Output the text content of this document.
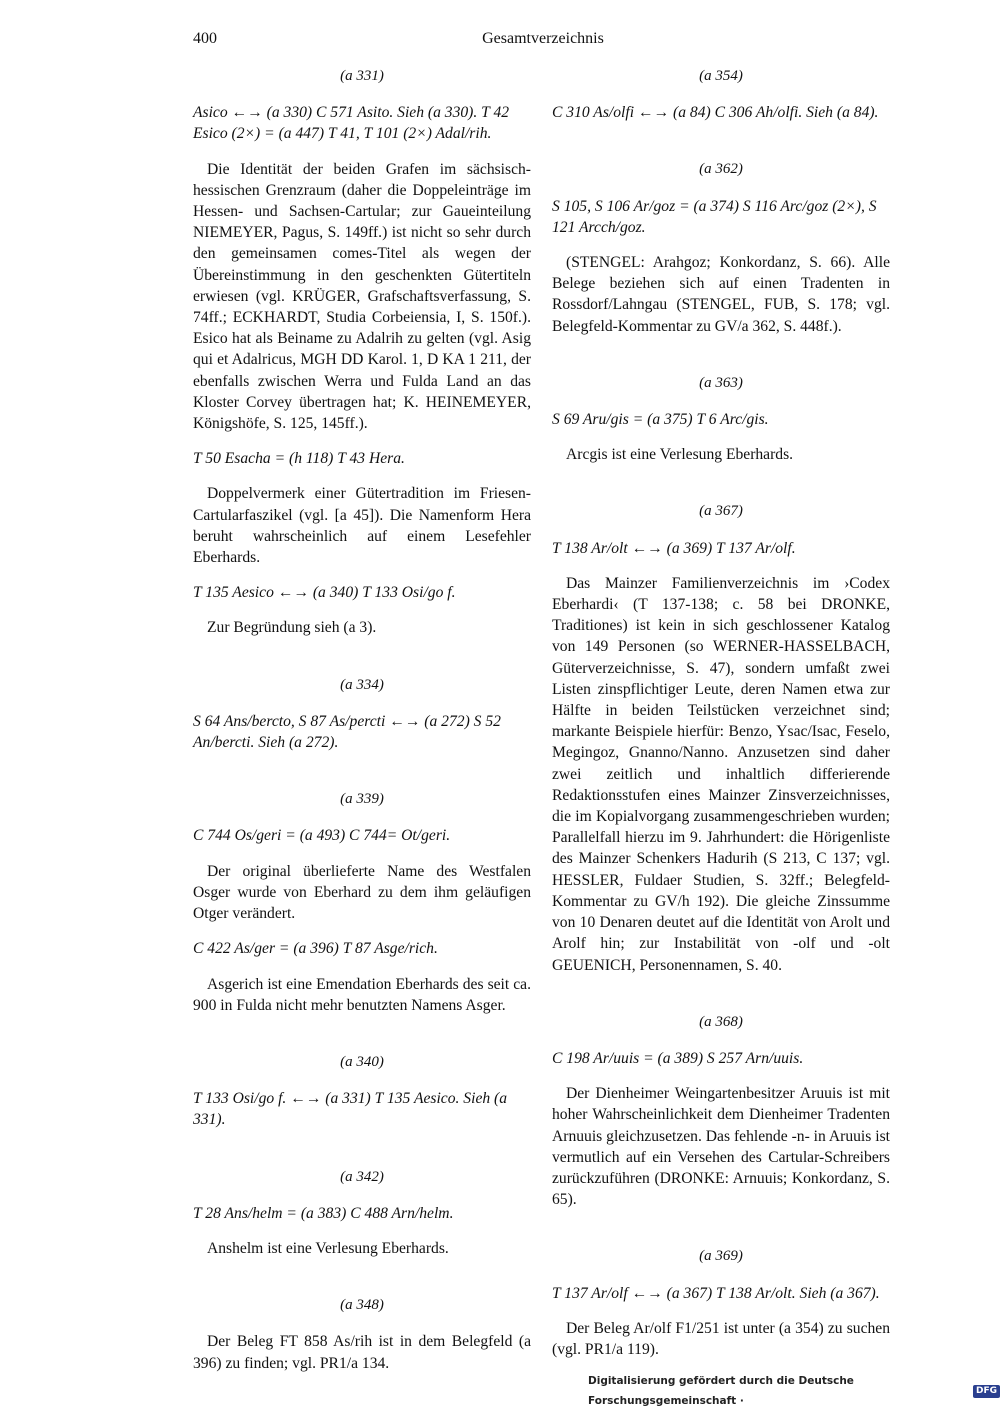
400	Gesamtverzeichnis
(a 331)
Asico ←→ (a 330) C 571 Asito. Sieh (a 330). T 42 Esico (2×) = (a 447) T 41, T 101 (2×) Adal/rih.
Die Identität der beiden Grafen im sächsisch-hessischen Grenzraum (daher die Doppeleinträge im Hessen- und Sachsen-Cartular; zur Gaueinteilung NIEMEYER, Pagus, S. 149ff.) ist nicht so sehr durch den gemeinsamen comes-Titel als wegen der Übereinstimmung in den geschenkten Gütertiteln erwiesen (vgl. KRÜGER, Grafschaftsverfassung, S. 74ff.; ECKHARDT, Studia Corbeiensia, I, S. 150f.). Esico hat als Beiname zu Adalrih zu gelten (vgl. Asig qui et Adalricus, MGH DD Karol. 1, D KA 1 211, der ebenfalls zwischen Werra und Fulda Land an das Kloster Corvey übertragen hat; K. HEINEMEYER, Königshöfe, S. 125, 145ff.).
T 50 Esacha = (h 118) T 43 Hera.
Doppelvermerk einer Gütertradition im Friesen-Cartularfaszikel (vgl. [a 45]). Die Namenform Hera beruht wahrscheinlich auf einem Lesefehler Eberhards.
T 135 Aesico ←→ (a 340) T 133 Osi/go f.
Zur Begründung sieh (a 3).
(a 334)
S 64 Ans/bercto, S 87 As/percti ←→ (a 272) S 52 An/bercti. Sieh (a 272).
(a 339)
C 744 Os/geri = (a 493) C 744= Ot/geri.
Der original überlieferte Name des Westfalen Osger wurde von Eberhard zu dem ihm geläufigen Otger verändert.
C 422 As/ger = (a 396) T 87 Asge/rich.
Asgerich ist eine Emendation Eberhards des seit ca. 900 in Fulda nicht mehr benutzten Namens Asger.
(a 340)
T 133 Osi/go f. ←→ (a 331) T 135 Aesico. Sieh (a 331).
(a 342)
T 28 Ans/helm = (a 383) C 488 Arn/helm.
Anshelm ist eine Verlesung Eberhards.
(a 348)
Der Beleg FT 858 As/rih ist in dem Belegfeld (a 396) zu finden; vgl. PR1/a 134.
(a 354)
C 310 As/olfi ←→ (a 84) C 306 Ah/olfi. Sieh (a 84).
(a 362)
S 105, S 106 Ar/goz = (a 374) S 116 Arc/goz (2×), S 121 Arcch/goz.
(STENGEL: Arahgoz; Konkordanz, S. 66). Alle Belege beziehen sich auf einen Tradenten in Rossdorf/Lahngau (STENGEL, FUB, S. 178; vgl. Belegfeld-Kommentar zu GV/a 362, S. 448f.).
(a 363)
S 69 Aru/gis = (a 375) T 6 Arc/gis.
Arcgis ist eine Verlesung Eberhards.
(a 367)
T 138 Ar/olt ←→ (a 369) T 137 Ar/olf.
Das Mainzer Familienverzeichnis im ›Codex Eberhardi‹ (T 137-138; c. 58 bei DRONKE, Traditiones) ist kein in sich geschlossener Katalog von 149 Personen (so WERNER-HASSELBACH, Güterverzeichnisse, S. 47), sondern umfaßt zwei Listen zinspflichtiger Leute, deren Namen etwa zur Hälfte in beiden Teilstücken verzeichnet sind; markante Beispiele hierfür: Benzo, Ysac/Isac, Feselo, Megingoz, Gnanno/Nanno. Anzusetzen sind daher zwei zeitlich und inhaltlich differierende Redaktionsstufen eines Mainzer Zinsverzeichnisses, die im Kopialvorgang zusammengeschrieben wurden; Parallelfall hierzu im 9. Jahrhundert: die Hörigenliste des Mainzer Schenkers Hadurih (S 213, C 137; vgl. HESSLER, Fuldaer Studien, S. 32ff.; Belegfeld-Kommentar zu GV/h 192). Die gleiche Zinssumme von 10 Denaren deutet auf die Identität von Arolt und Arolf hin; zur Instabilität von -olf und -olt GEUENICH, Personennamen, S. 40.
(a 368)
C 198 Ar/uuis = (a 389) S 257 Arn/uuis.
Der Dienheimer Weingartenbesitzer Aruuis ist mit hoher Wahrscheinlichkeit dem Dienheimer Tradenten Arnuuis gleichzusetzen. Das fehlende -n- in Aruuis ist vermutlich auf ein Versehen des Cartular-Schreibers zurückzuführen (DRONKE: Arnuuis; Konkordanz, S. 65).
(a 369)
T 137 Ar/olf ←→ (a 367) T 138 Ar/olt. Sieh (a 367).
Der Beleg Ar/olf F1/251 ist unter (a 354) zu suchen (vgl. PR1/a 119).
Digitalisierung gefördert durch die Deutsche Forschungsgemeinschaft ·
DFG
